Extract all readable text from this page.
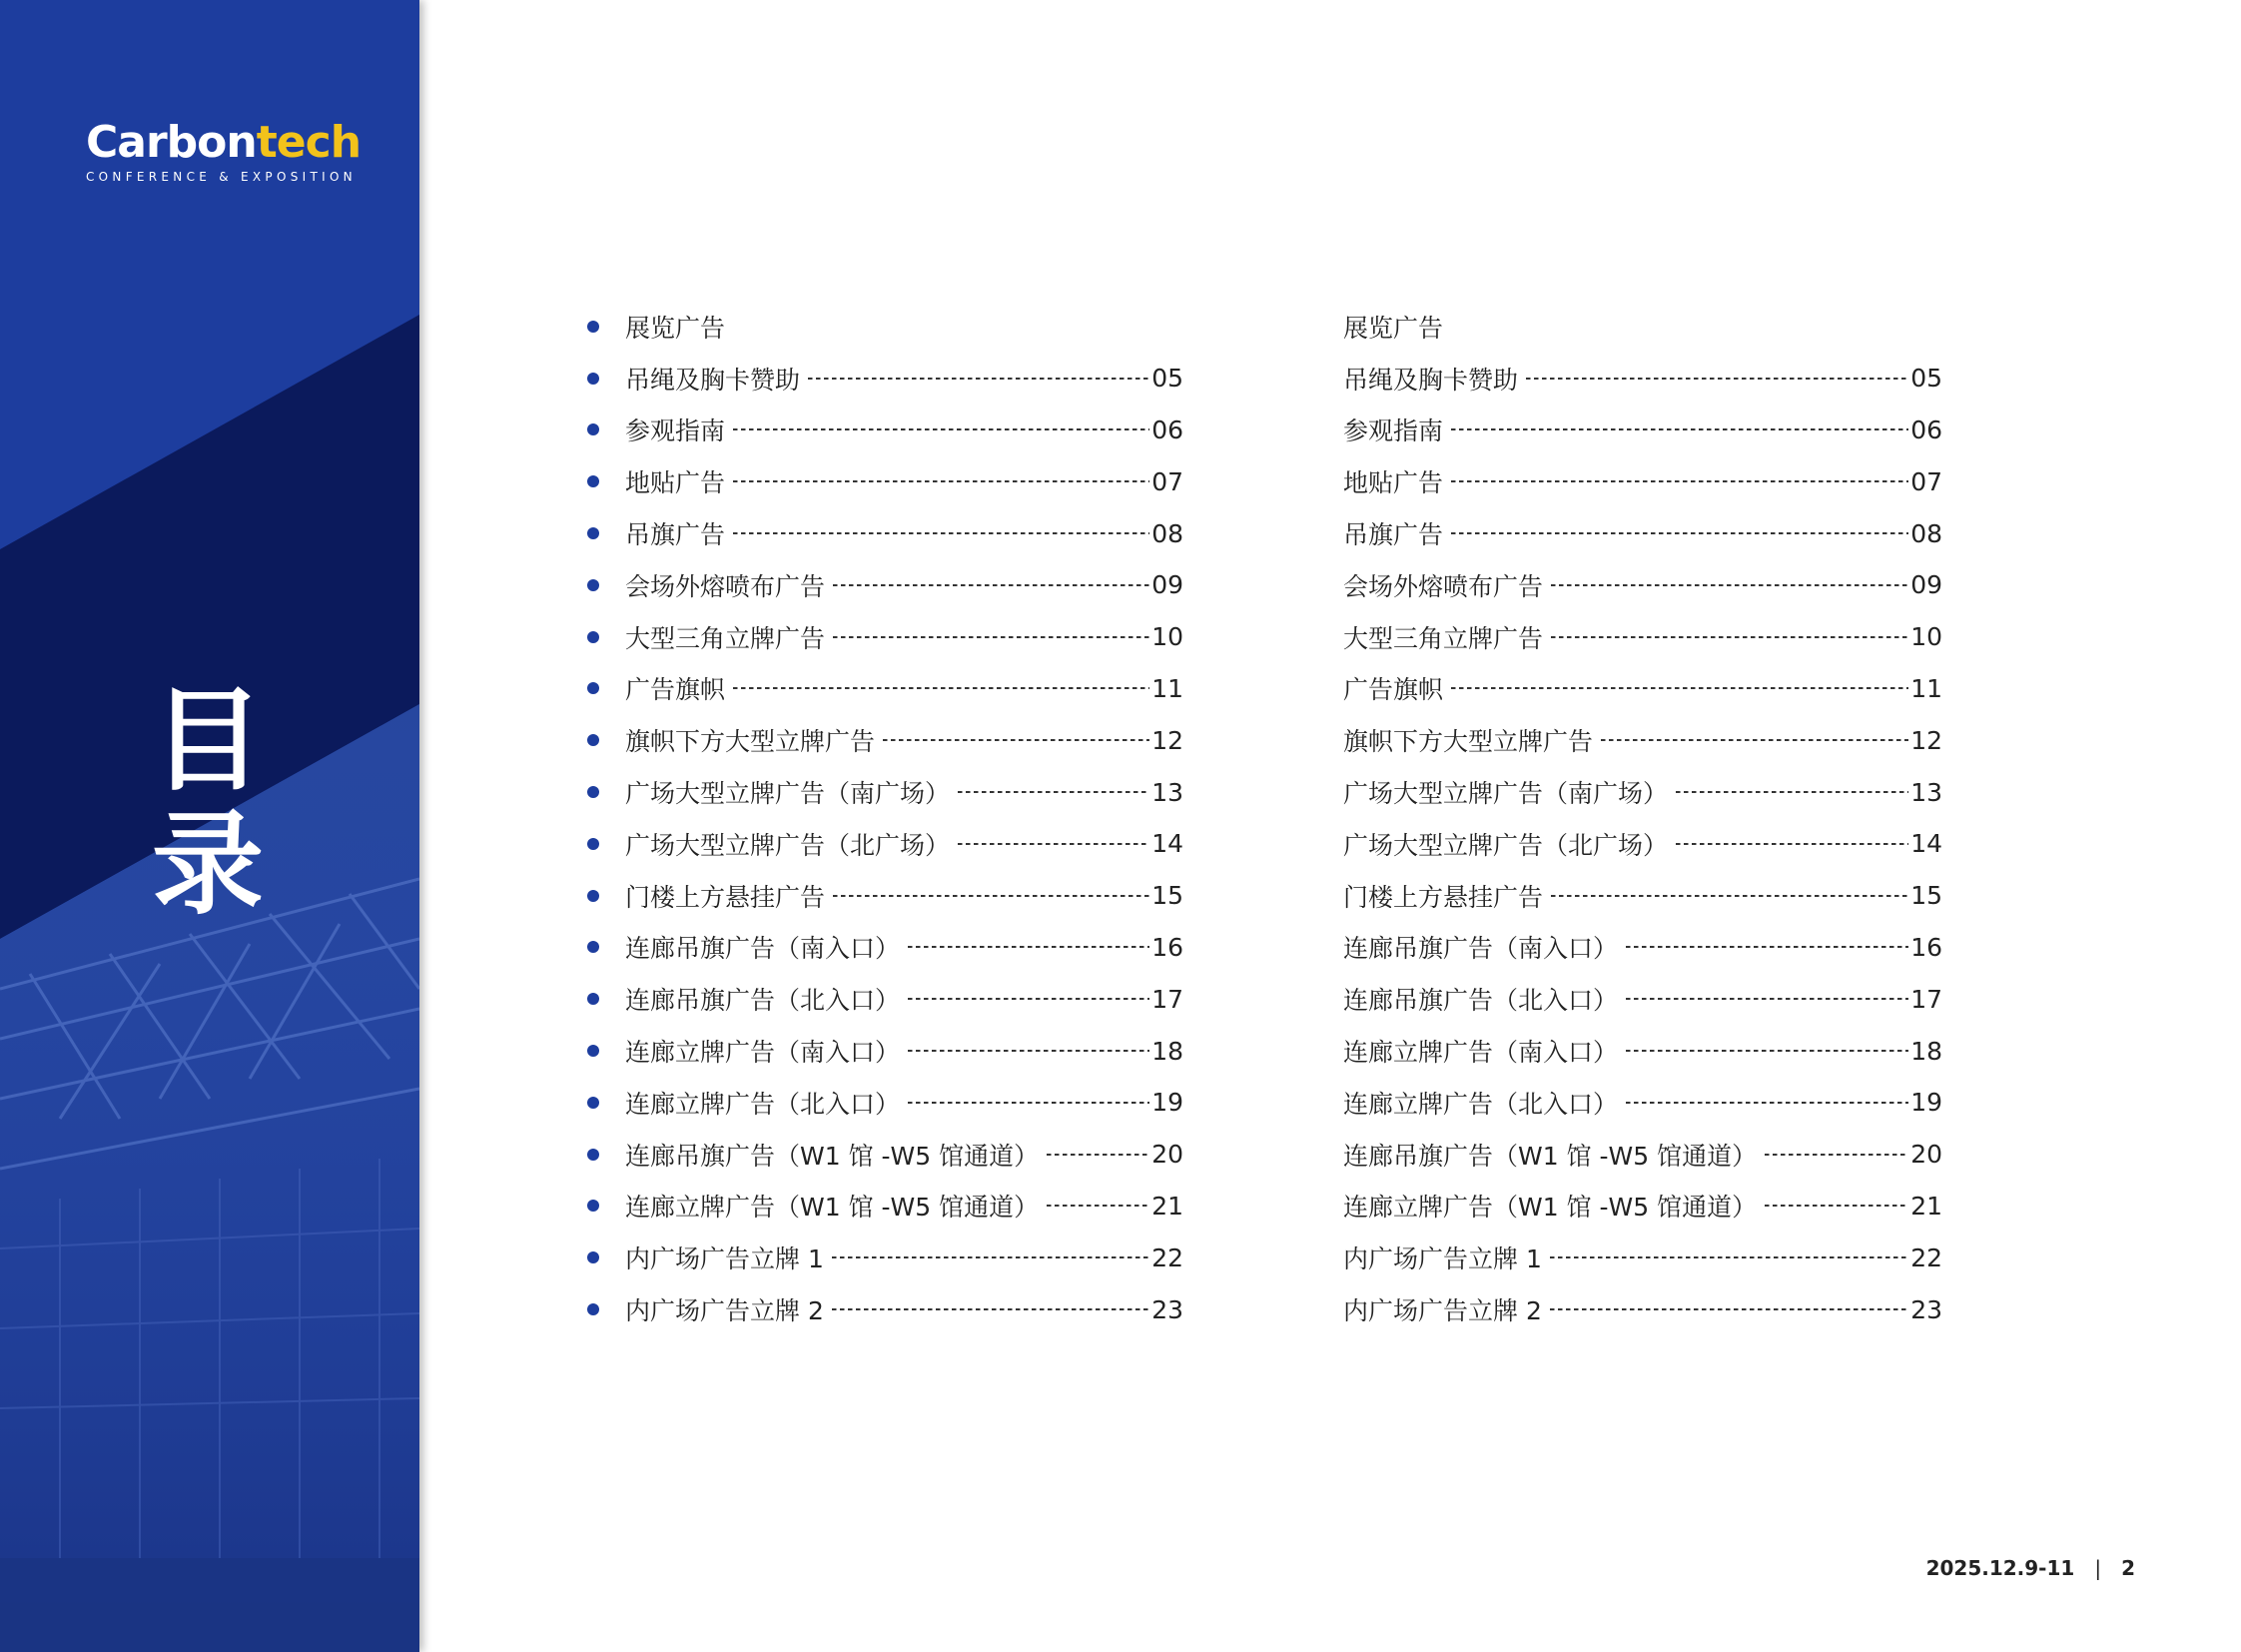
Carbontech
CONFERENCE & EXPOSITION
目
录
展览广告
吊绳及胸卡赞助	05
参观指南	06
地贴广告	07
吊旗广告	08
会场外熔喷布广告	09
大型三角立牌广告	10
广告旗帜	11
旗帜下方大型立牌广告	12
广场大型立牌广告（南广场）	13
广场大型立牌广告（北广场）	14
门楼上方悬挂广告	15
连廊吊旗广告（南入口）	16
连廊吊旗广告（北入口）	17
连廊立牌广告（南入口）	18
连廊立牌广告（北入口）	19
连廊吊旗广告（W1 馆 -W5 馆通道）	20
连廊立牌广告（W1 馆 -W5 馆通道）	21
内广场广告立牌 1	22
内广场广告立牌 2	23
展览广告
吊绳及胸卡赞助	05
参观指南	06
地贴广告	07
吊旗广告	08
会场外熔喷布广告	09
大型三角立牌广告	10
广告旗帜	11
旗帜下方大型立牌广告	12
广场大型立牌广告（南广场）	13
广场大型立牌广告（北广场）	14
门楼上方悬挂广告	15
连廊吊旗广告（南入口）	16
连廊吊旗广告（北入口）	17
连廊立牌广告（南入口）	18
连廊立牌广告（北入口）	19
连廊吊旗广告（W1 馆 -W5 馆通道）	20
连廊立牌广告（W1 馆 -W5 馆通道）	21
内广场广告立牌 1	22
内广场广告立牌 2	23
2025.12.9-11 | 2
